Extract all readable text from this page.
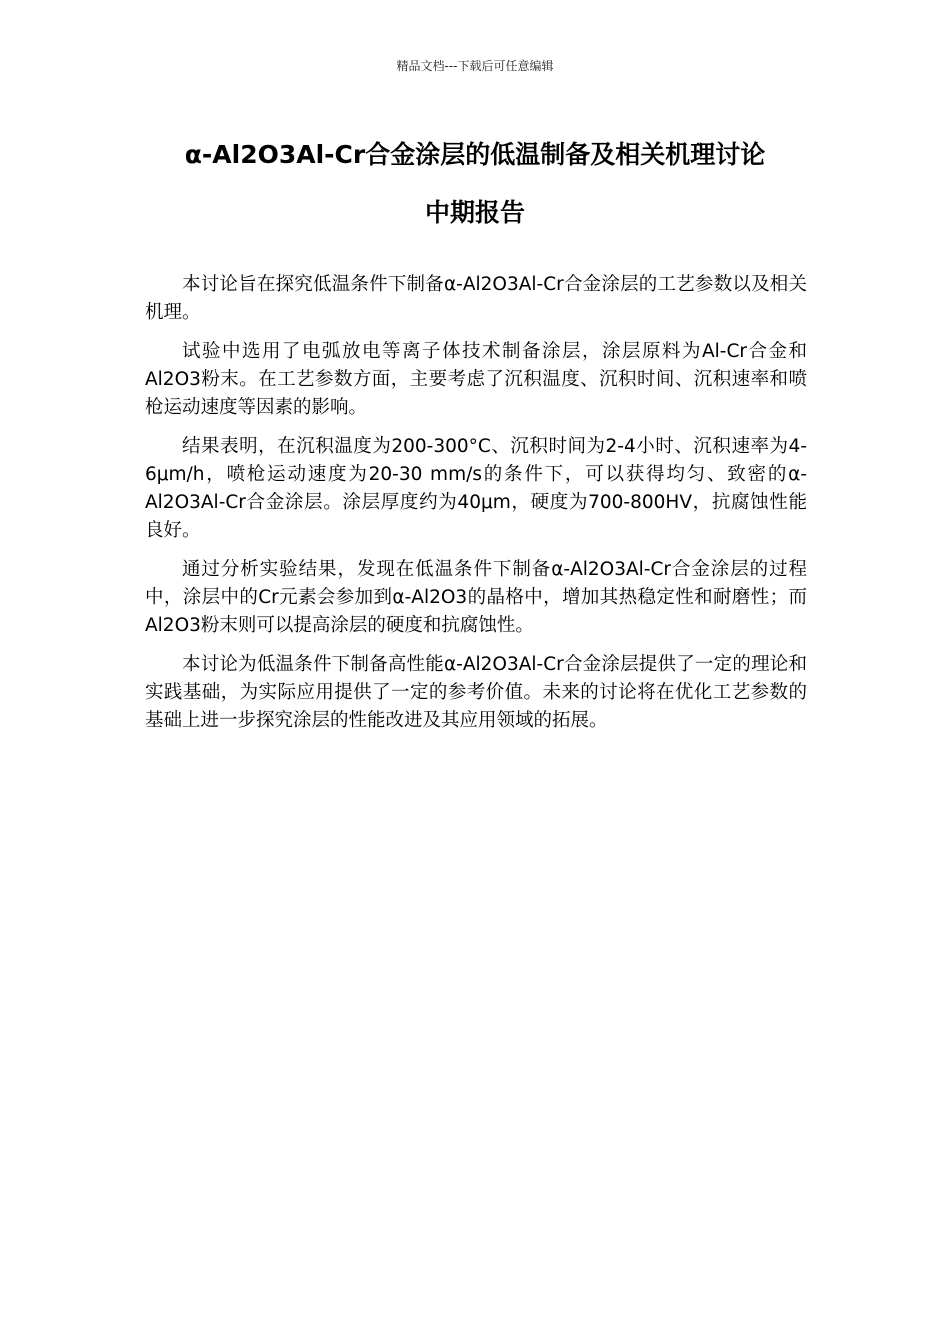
精品文档---下载后可任意编辑
α-Al2O3Al-Cr合金涂层的低温制备及相关机理讨论
中期报告

本讨论旨在探究低温条件下制备α-Al2O3Al-Cr合金涂层的工艺参数以及相关机理。

试验中选用了电弧放电等离子体技术制备涂层，涂层原料为Al-Cr合金和Al2O3粉末。在工艺参数方面，主要考虑了沉积温度、沉积时间、沉积速率和喷枪运动速度等因素的影响。

结果表明，在沉积温度为200-300°C、沉积时间为2-4小时、沉积速率为4-6μm/h，喷枪运动速度为20-30 mm/s的条件下，可以获得均匀、致密的α-Al2O3Al-Cr合金涂层。涂层厚度约为40μm，硬度为700-800HV，抗腐蚀性能良好。

通过分析实验结果，发现在低温条件下制备α-Al2O3Al-Cr合金涂层的过程中，涂层中的Cr元素会参加到α-Al2O3的晶格中，增加其热稳定性和耐磨性；而Al2O3粉末则可以提高涂层的硬度和抗腐蚀性。

本讨论为低温条件下制备高性能α-Al2O3Al-Cr合金涂层提供了一定的理论和实践基础，为实际应用提供了一定的参考价值。未来的讨论将在优化工艺参数的基础上进一步探究涂层的性能改进及其应用领域的拓展。
